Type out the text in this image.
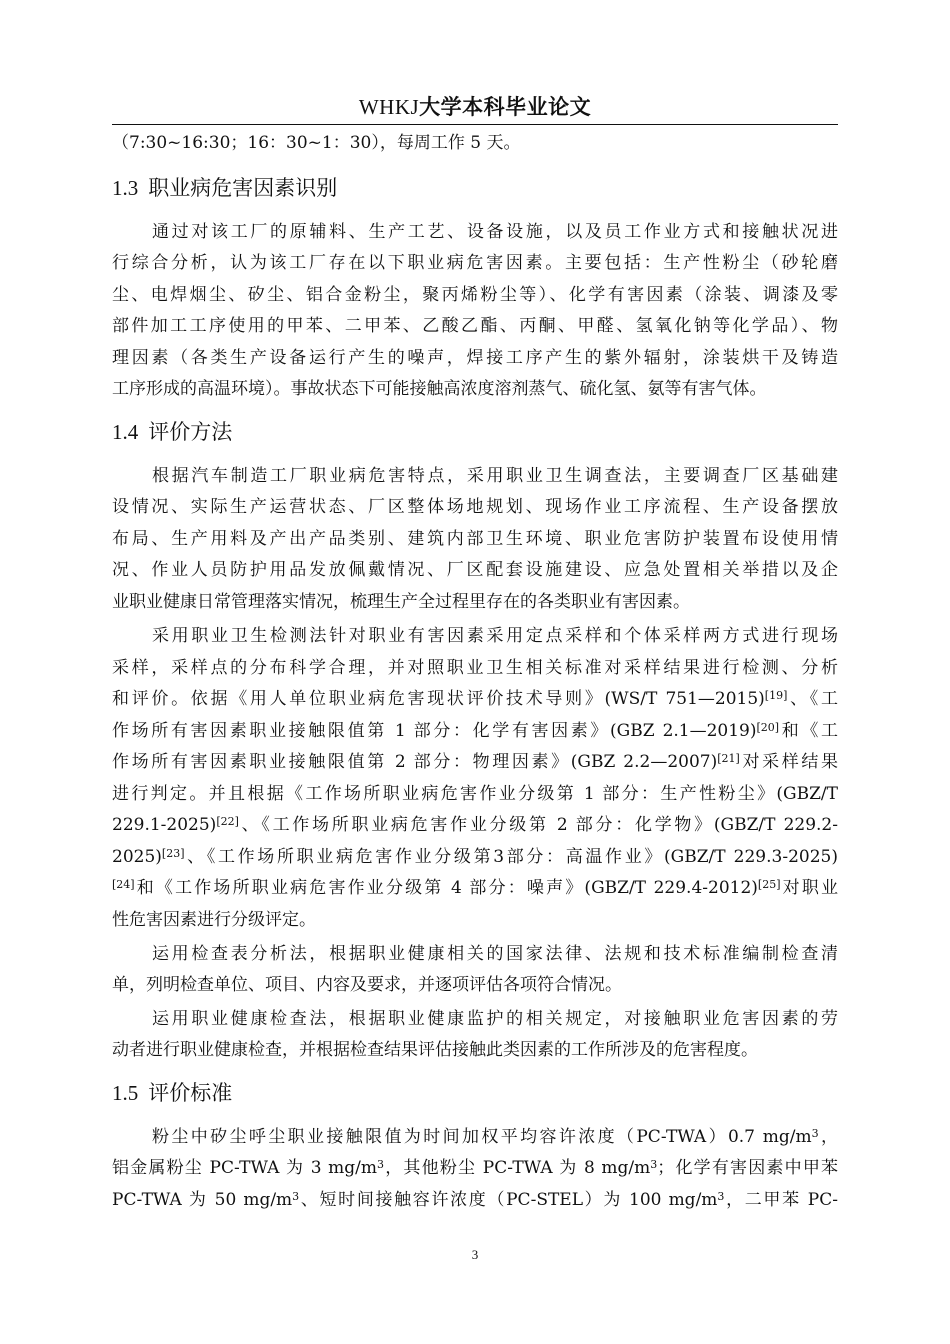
WHKJ大学本科毕业论文
（7:30~16:30；16：30~1：30），每周工作 5 天。
1.3 职业病危害因素识别
通过对该工厂的原辅料、生产工艺、设备设施，以及员工作业方式和接触状况进
行综合分析，认为该工厂存在以下职业病危害因素。主要包括：生产性粉尘（砂轮磨
尘、电焊烟尘、矽尘、铝合金粉尘，聚丙烯粉尘等）、化学有害因素（涂装、调漆及零
部件加工工序使用的甲苯、二甲苯、乙酸乙酯、丙酮、甲醛、氢氧化钠等化学品）、物
理因素（各类生产设备运行产生的噪声，焊接工序产生的紫外辐射，涂装烘干及铸造
工序形成的高温环境）。事故状态下可能接触高浓度溶剂蒸气、硫化氢、氨等有害气体。
1.4 评价方法
根据汽车制造工厂职业病危害特点，采用职业卫生调查法，主要调查厂区基础建
设情况、实际生产运营状态、厂区整体场地规划、现场作业工序流程、生产设备摆放
布局、生产用料及产出产品类别、建筑内部卫生环境、职业危害防护装置布设使用情
况、作业人员防护用品发放佩戴情况、厂区配套设施建设、应急处置相关举措以及企
业职业健康日常管理落实情况，梳理生产全过程里存在的各类职业有害因素。
采用职业卫生检测法针对职业有害因素采用定点采样和个体采样两方式进行现场
采样，采样点的分布科学合理，并对照职业卫生相关标准对采样结果进行检测、分析
和评价。依据《用人单位职业病危害现状评价技术导则》(WS/T 751—2015)[19]、《工
作场所有害因素职业接触限值第 1 部分：化学有害因素》(GBZ 2.1—2019)[20]和《工
作场所有害因素职业接触限值第 2 部分：物理因素》(GBZ 2.2—2007)[21]对采样结果
进行判定。并且根据《工作场所职业病危害作业分级第 1 部分：生产性粉尘》(GBZ/T
229.1-2025)[22]、《工作场所职业病危害作业分级第 2 部分：化学物》(GBZ/T 229.2-
2025)[23]、《工作场所职业病危害作业分级第3部分：高温作业》(GBZ/T 229.3-2025)
[24]和《工作场所职业病危害作业分级第 4 部分：噪声》(GBZ/T 229.4-2012)[25]对职业
性危害因素进行分级评定。
运用检查表分析法，根据职业健康相关的国家法律、法规和技术标准编制检查清
单，列明检查单位、项目、内容及要求，并逐项评估各项符合情况。
运用职业健康检查法，根据职业健康监护的相关规定，对接触职业危害因素的劳
动者进行职业健康检查，并根据检查结果评估接触此类因素的工作所涉及的危害程度。
1.5 评价标准
粉尘中矽尘呼尘职业接触限值为时间加权平均容许浓度（PC-TWA）0.7 $mg/m^3$，
铝金属粉尘 PC-TWA 为 3 $mg/m^3$，其他粉尘 PC-TWA 为 8 $mg/m^3$；化学有害因素中甲苯
PC-TWA 为 50 $mg/m^3$、短时间接触容许浓度（PC-STEL）为 100 $mg/m^3$，二甲苯 PC-
3
